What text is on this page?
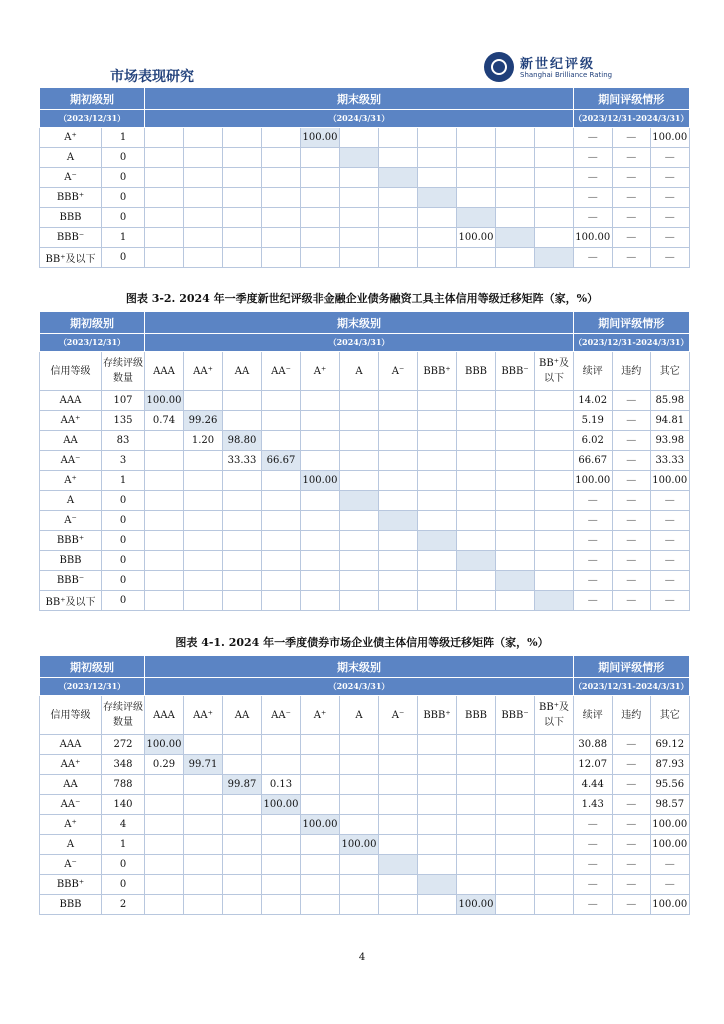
市场表现研究
新世纪评级
Shanghai Brilliance Rating
期初级别		期末级别											期间评级情形		
（2023/12/31）		（2024/3/31）											（2023/12/31-2024/3/31）		
A⁺	1					100.00							—	—	100.00
A	0												—	—	—
A⁻	0												—	—	—
BBB⁺	0												—	—	—
BBB	0												—	—	—
BBB⁻	1									100.00			100.00	—	—
BB⁺及以下	0												—	—	—
图表 3-2. 2024 年一季度新世纪评级非金融企业债务融资工具主体信用等级迁移矩阵（家，%）
期初级别		期末级别											期间评级情形		
（2023/12/31）		（2024/3/31）											（2023/12/31-2024/3/31）		
信用等级	存续评级数量	AAA	AA⁺	AA	AA⁻	A⁺	A	A⁻	BBB⁺	BBB	BBB⁻	BB⁺及以下	续评	违约	其它
AAA	107	100.00											14.02	—	85.98
AA⁺	135	0.74	99.26										5.19	—	94.81
AA	83		1.20	98.80									6.02	—	93.98
AA⁻	3			33.33	66.67								66.67	—	33.33
A⁺	1					100.00							100.00	—	100.00
A	0												—	—	—
A⁻	0												—	—	—
BBB⁺	0												—	—	—
BBB	0												—	—	—
BBB⁻	0												—	—	—
BB⁺及以下	0												—	—	—
图表 4-1. 2024 年一季度债券市场企业债主体信用等级迁移矩阵（家，%）
期初级别		期末级别											期间评级情形		
（2023/12/31）		（2024/3/31）											（2023/12/31-2024/3/31）		
信用等级	存续评级数量	AAA	AA⁺	AA	AA⁻	A⁺	A	A⁻	BBB⁺	BBB	BBB⁻	BB⁺及以下	续评	违约	其它
AAA	272	100.00											30.88	—	69.12
AA⁺	348	0.29	99.71										12.07	—	87.93
AA	788			99.87	0.13								4.44	—	95.56
AA⁻	140				100.00								1.43	—	98.57
A⁺	4					100.00							—	—	100.00
A	1						100.00						—	—	100.00
A⁻	0												—	—	—
BBB⁺	0												—	—	—
BBB	2									100.00			—	—	100.00
4
